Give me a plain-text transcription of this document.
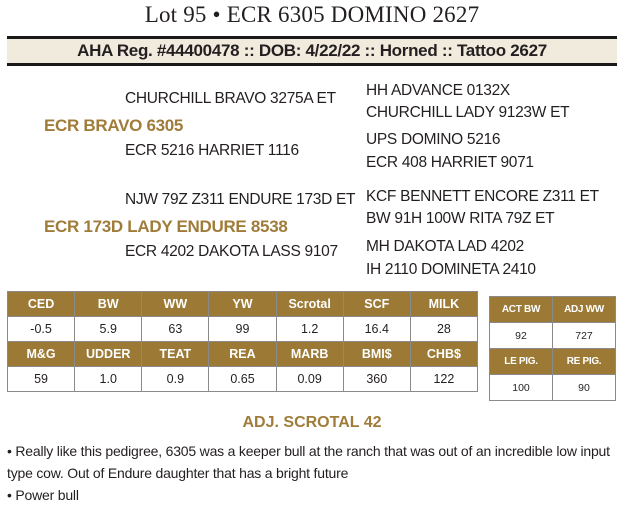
Lot 95 • ECR 6305 DOMINO 2627
AHA Reg. #44400478 :: DOB: 4/22/22 :: Horned :: Tattoo 2627
CHURCHILL BRAVO 3275A ET
ECR BRAVO 6305
ECR 5216 HARRIET 1116
NJW 79Z Z311 ENDURE 173D ET
ECR 173D LADY ENDURE 8538
ECR 4202 DAKOTA LASS 9107
HH ADVANCE 0132X
CHURCHILL LADY 9123W ET
UPS DOMINO 5216
ECR 408 HARRIET 9071
KCF BENNETT ENCORE Z311 ET
BW 91H 100W RITA 79Z ET
MH DAKOTA LAD 4202
IH 2110 DOMINETA 2410
CED	BW	WW	YW	Scrotal	SCF	MILK
-0.5	5.9	63	99	1.2	16.4	28
M&G	UDDER	TEAT	REA	MARB	BMI$	CHB$
59	1.0	0.9	0.65	0.09	360	122
ACT BW	ADJ WW
92	727
LE PIG.	RE PIG.
100	90
ADJ. SCROTAL 42
• Really like this pedigree, 6305 was a keeper bull at the ranch that was out of an incredible low input
type cow. Out of Endure daughter that has a bright future
• Power bull
